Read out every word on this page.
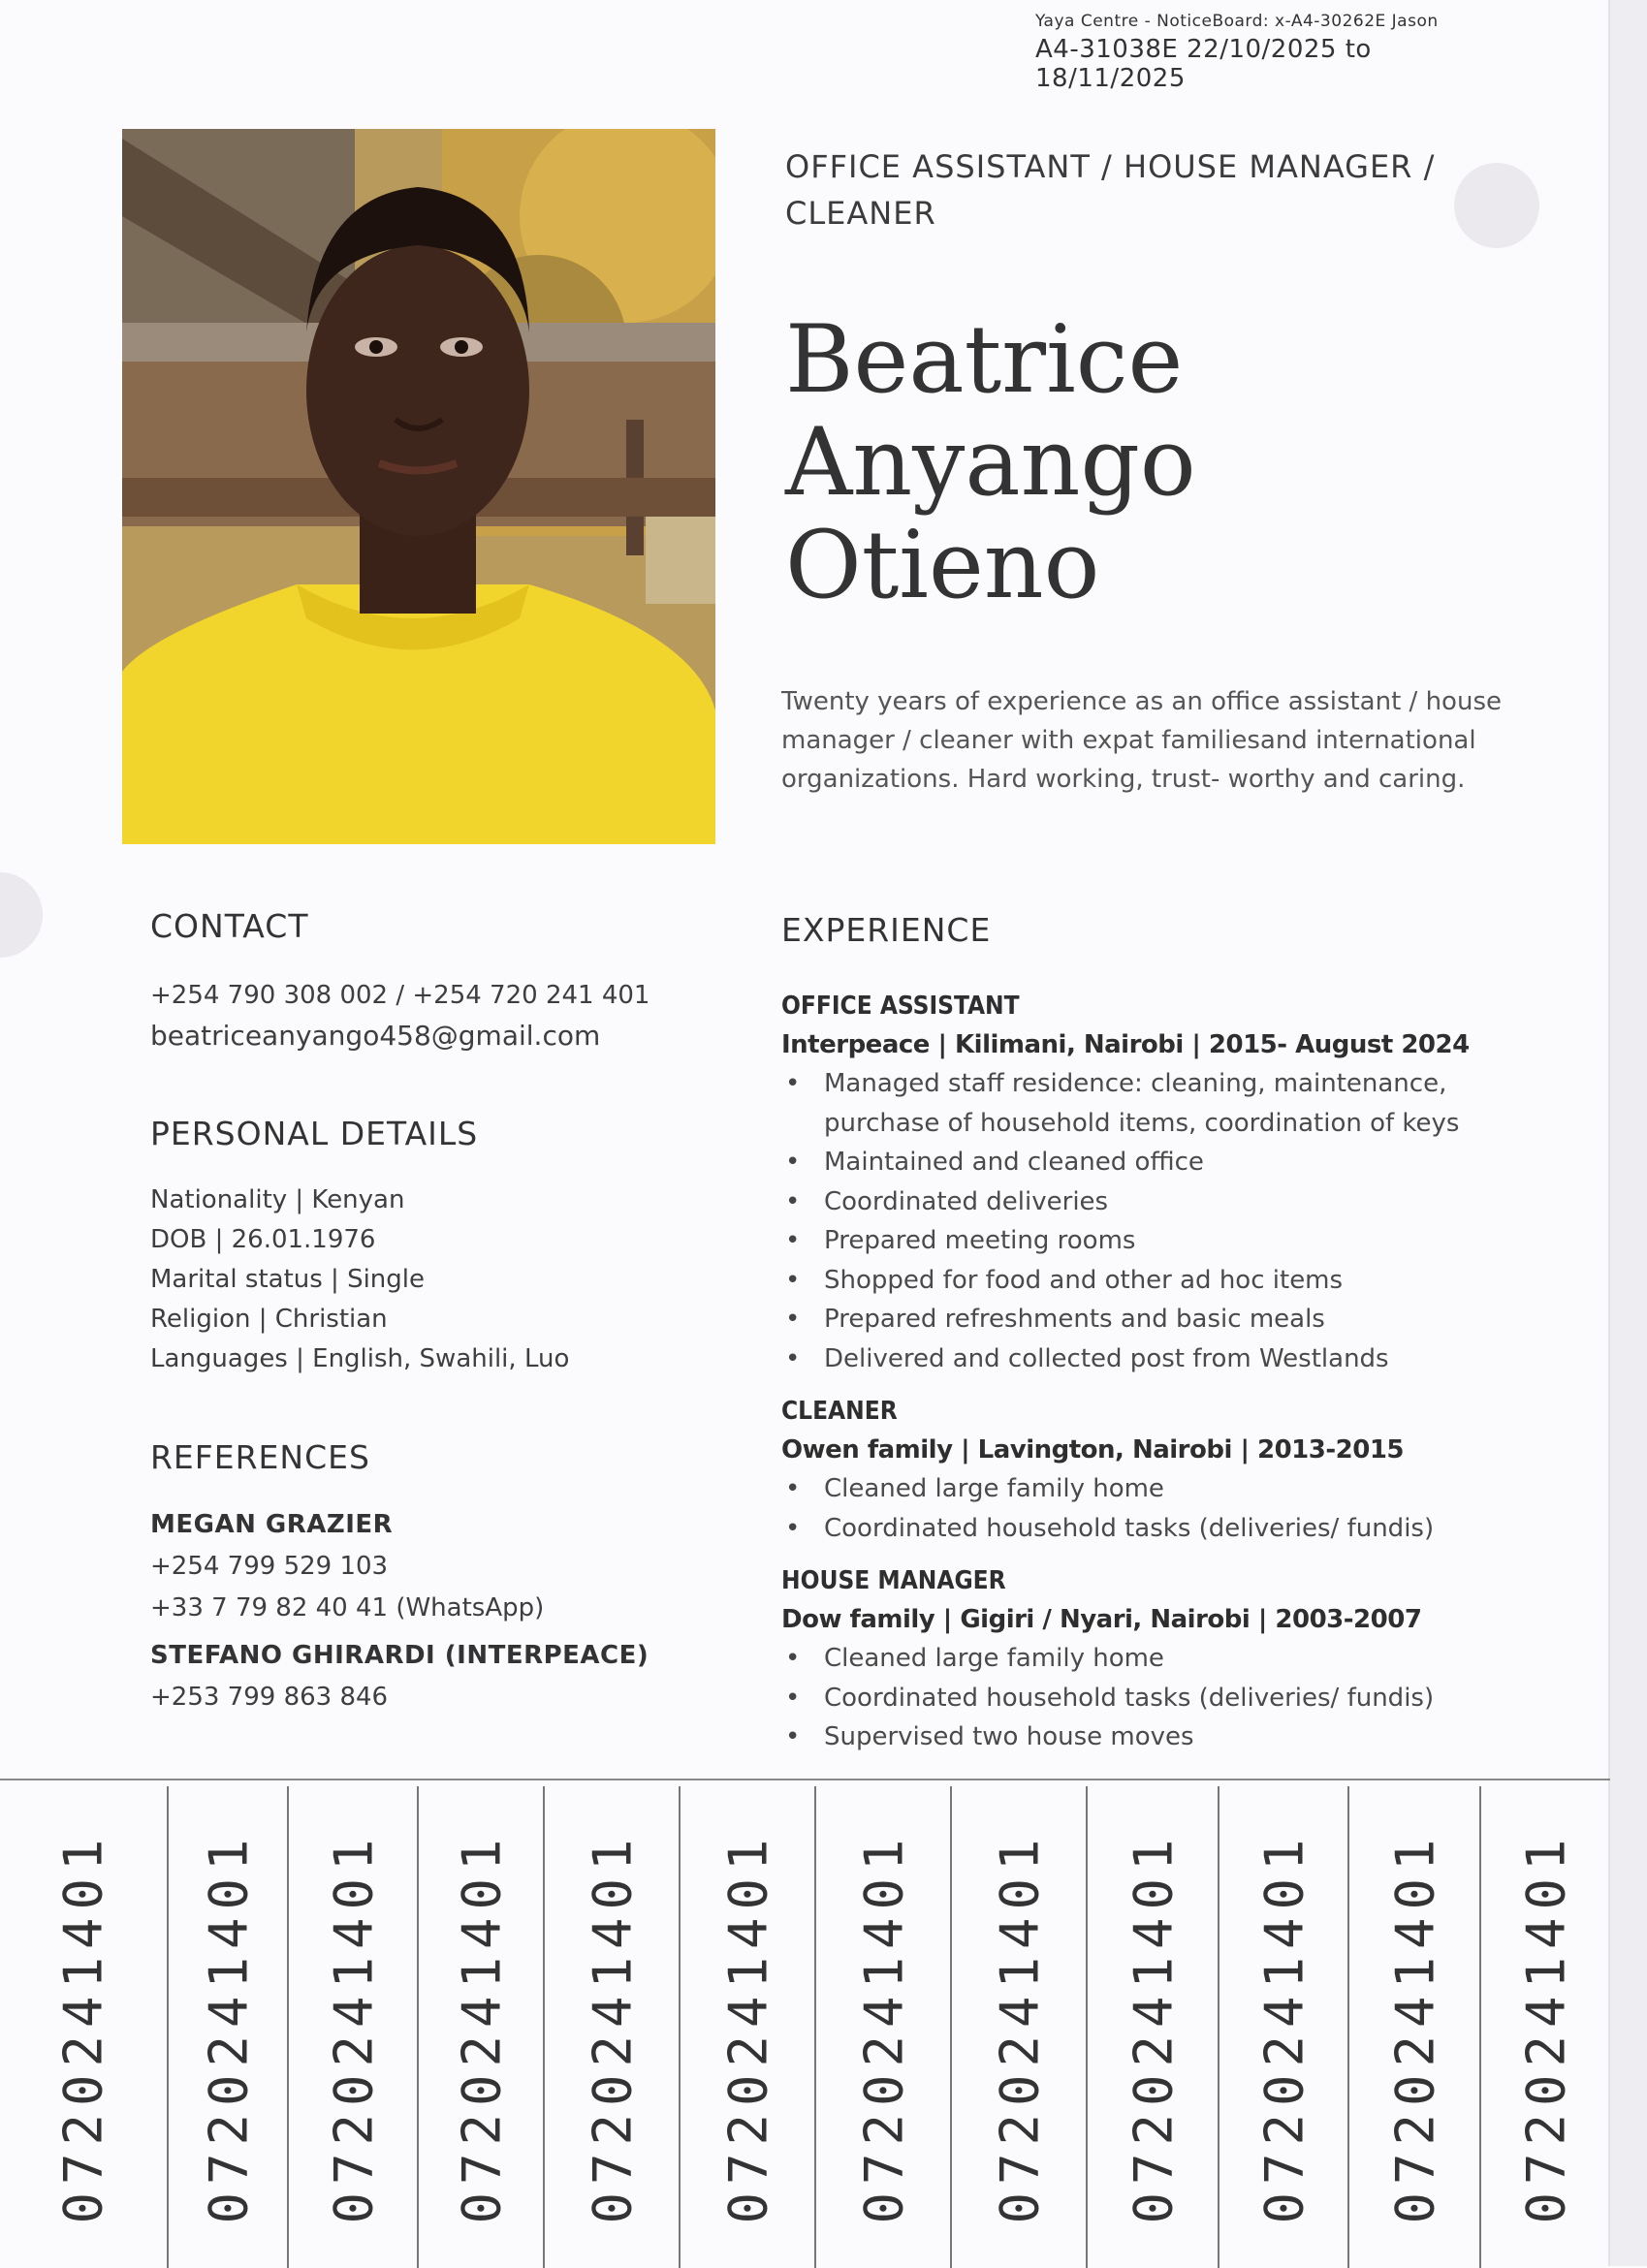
Yaya Centre - NoticeBoard: x-A4-30262E Jason
A4-31038E 22/10/2025 to 18/11/2025
OFFICE ASSISTANT / HOUSE MANAGER /
CLEANER
Beatrice
Anyango
Otieno
Twenty years of experience as an office assistant / house manager / cleaner with expat familiesand international organizations. Hard working, trust- worthy and caring.
CONTACT
+254 790 308 002 / +254 720 241 401
beatriceanyango458@gmail.com
PERSONAL DETAILS
Nationality | Kenyan
DOB | 26.01.1976
Marital status | Single
Religion | Christian
Languages | English, Swahili, Luo
REFERENCES
MEGAN GRAZIER
+254 799 529 103
+33 7 79 82 40 41 (WhatsApp)
STEFANO GHIRARDI (INTERPEACE)
+253 799 863 846
EXPERIENCE
OFFICE ASSISTANT
Interpeace | Kilimani, Nairobi | 2015- August 2024
• Managed staff residence: cleaning, maintenance, purchase of household items, coordination of keys
• Maintained and cleaned office
• Coordinated deliveries
• Prepared meeting rooms
• Shopped for food and other ad hoc items
• Prepared refreshments and basic meals
• Delivered and collected post from Westlands
CLEANER
Owen family | Lavington, Nairobi | 2013-2015
• Cleaned large family home
• Coordinated household tasks (deliveries/ fundis)
HOUSE MANAGER
Dow family | Gigiri / Nyari, Nairobi | 2003-2007
• Cleaned large family home
• Coordinated household tasks (deliveries/ fundis)
• Supervised two house moves
0720241401 0720241401 0720241401 0720241401 0720241401 0720241401 0720241401 0720241401 0720241401 0720241401 0720241401 0720241401
